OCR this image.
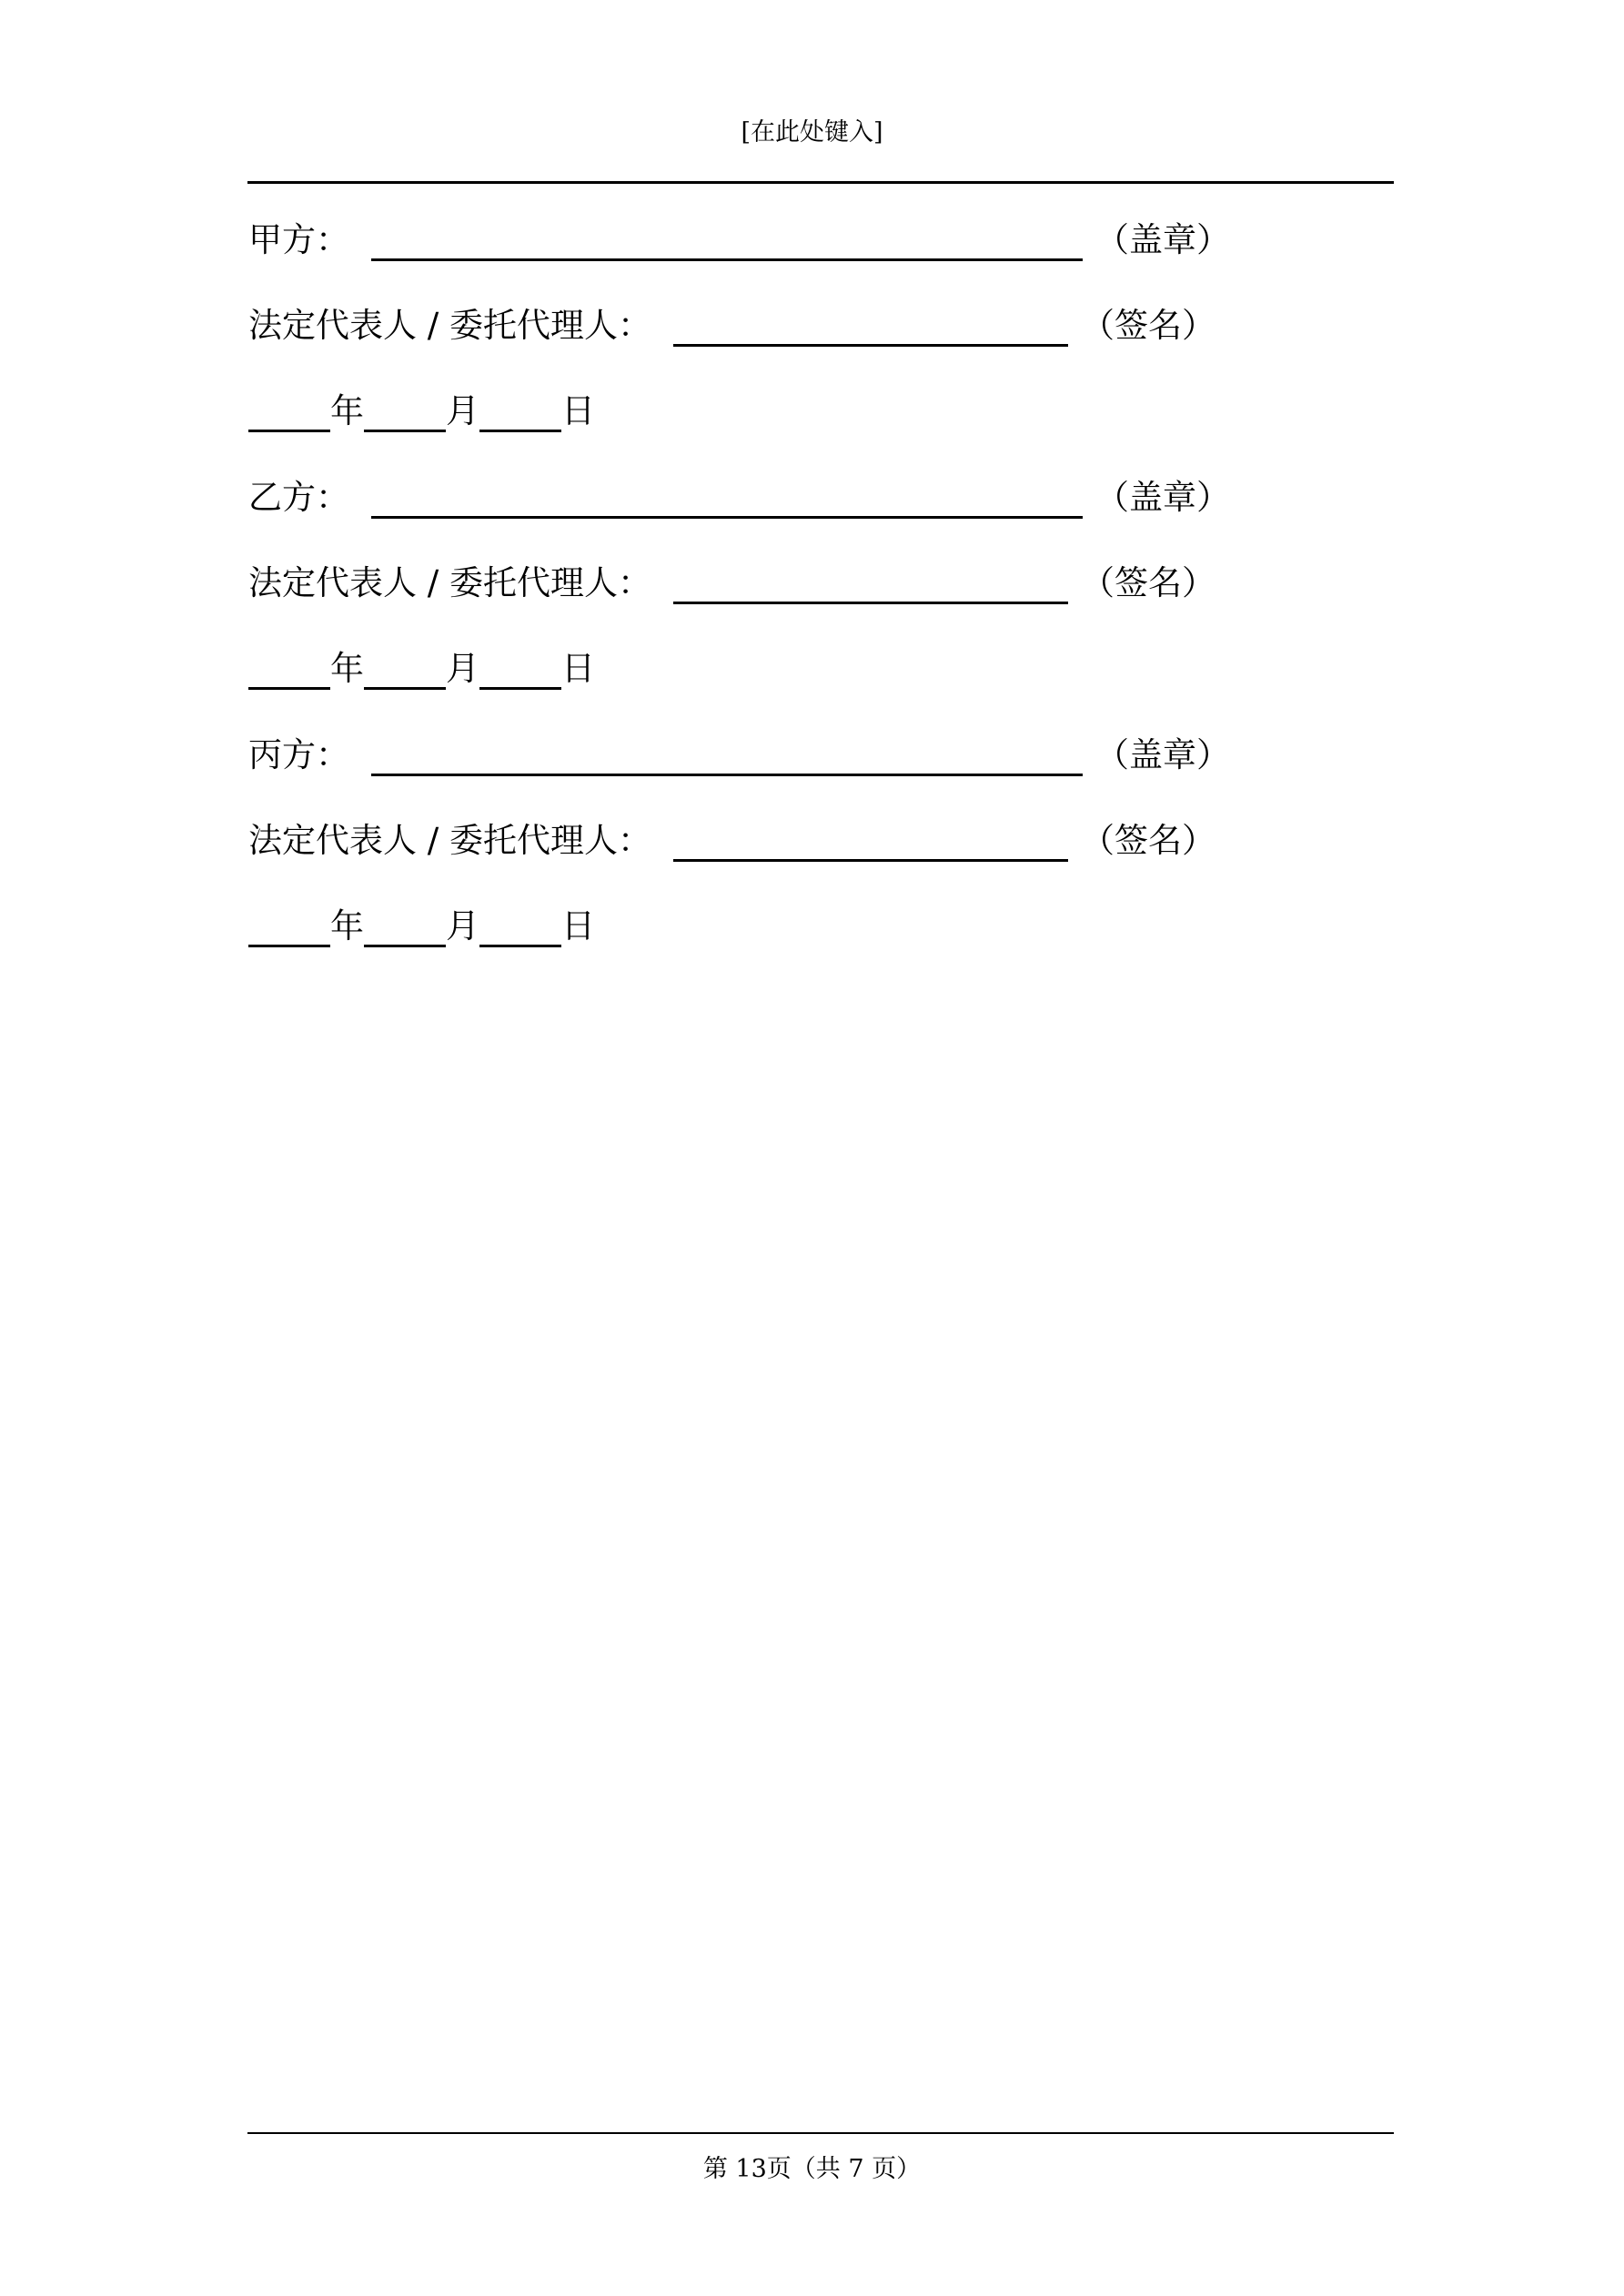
[在此处键入]
甲方：	（盖章）
法定代表人 / 委托代理人：	（签名）
年 月 日
乙方：	（盖章）
法定代表人 / 委托代理人：	（签名）
年 月 日
丙方：	（盖章）
法定代表人 / 委托代理人：	（签名）
年 月 日
第 13页（共 7 页）
